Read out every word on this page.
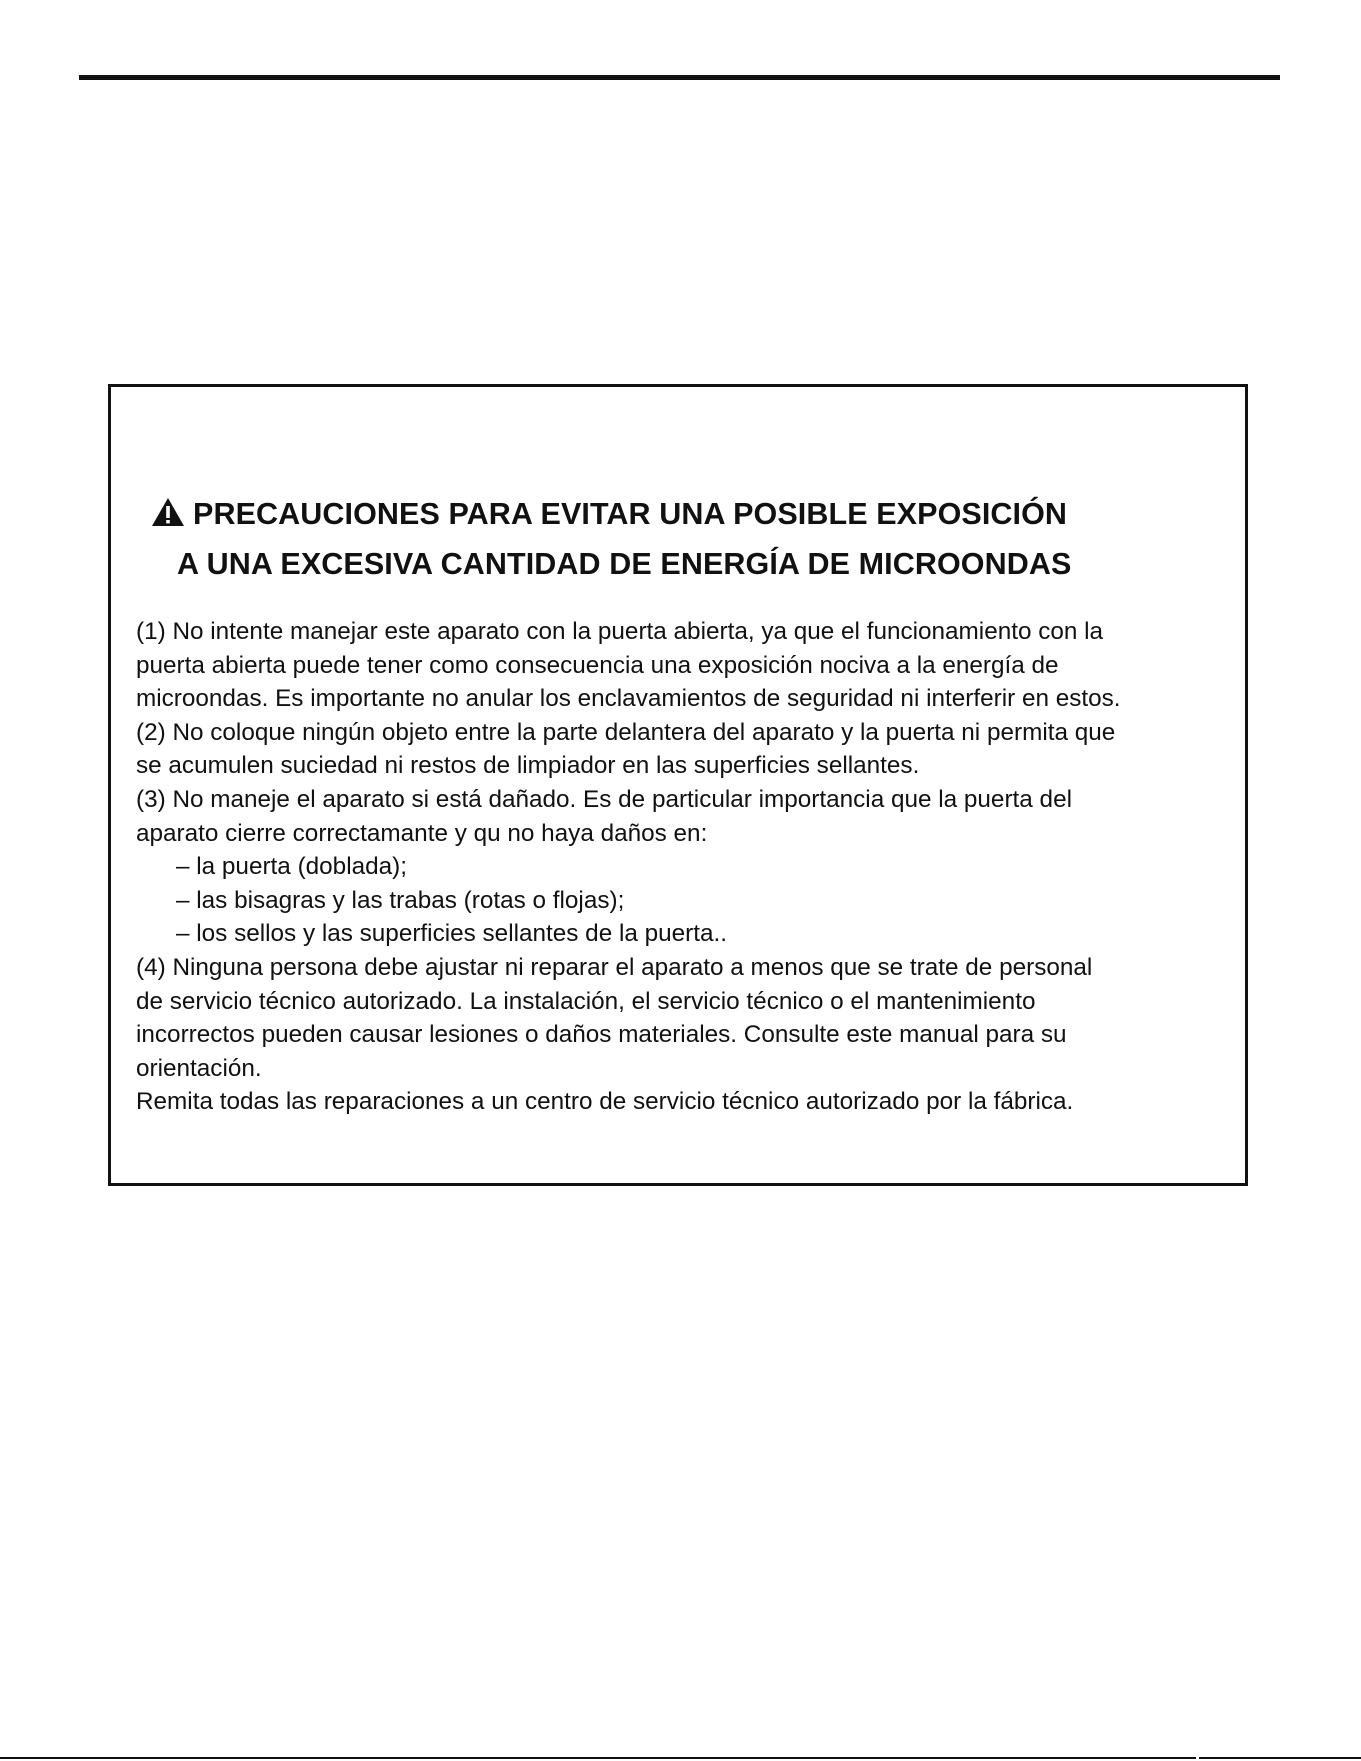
PRECAUCIONES PARA EVITAR UNA POSIBLE EXPOSICIÓN
A UNA EXCESIVA CANTIDAD DE ENERGÍA DE MICROONDAS
(1) No intente manejar este aparato con la puerta abierta, ya que el funcionamiento con la
puerta abierta puede tener como consecuencia una exposición nociva a la energía de
microondas. Es importante no anular los enclavamientos de seguridad ni interferir en estos.
(2) No coloque ningún objeto entre la parte delantera del aparato y la puerta ni permita que
se acumulen suciedad ni restos de limpiador en las superficies sellantes.
(3) No maneje el aparato si está dañado. Es de particular importancia que la puerta del
aparato cierre correctamante y qu no haya daños en:
– la puerta (doblada);
– las bisagras y las trabas (rotas o flojas);
– los sellos y las superficies sellantes de la puerta..
(4) Ninguna persona debe ajustar ni reparar el aparato a menos que se trate de personal
de servicio técnico autorizado. La instalación, el servicio técnico o el mantenimiento
incorrectos pueden causar lesiones o daños materiales. Consulte este manual para su
orientación.
Remita todas las reparaciones a un centro de servicio técnico autorizado por la fábrica.
